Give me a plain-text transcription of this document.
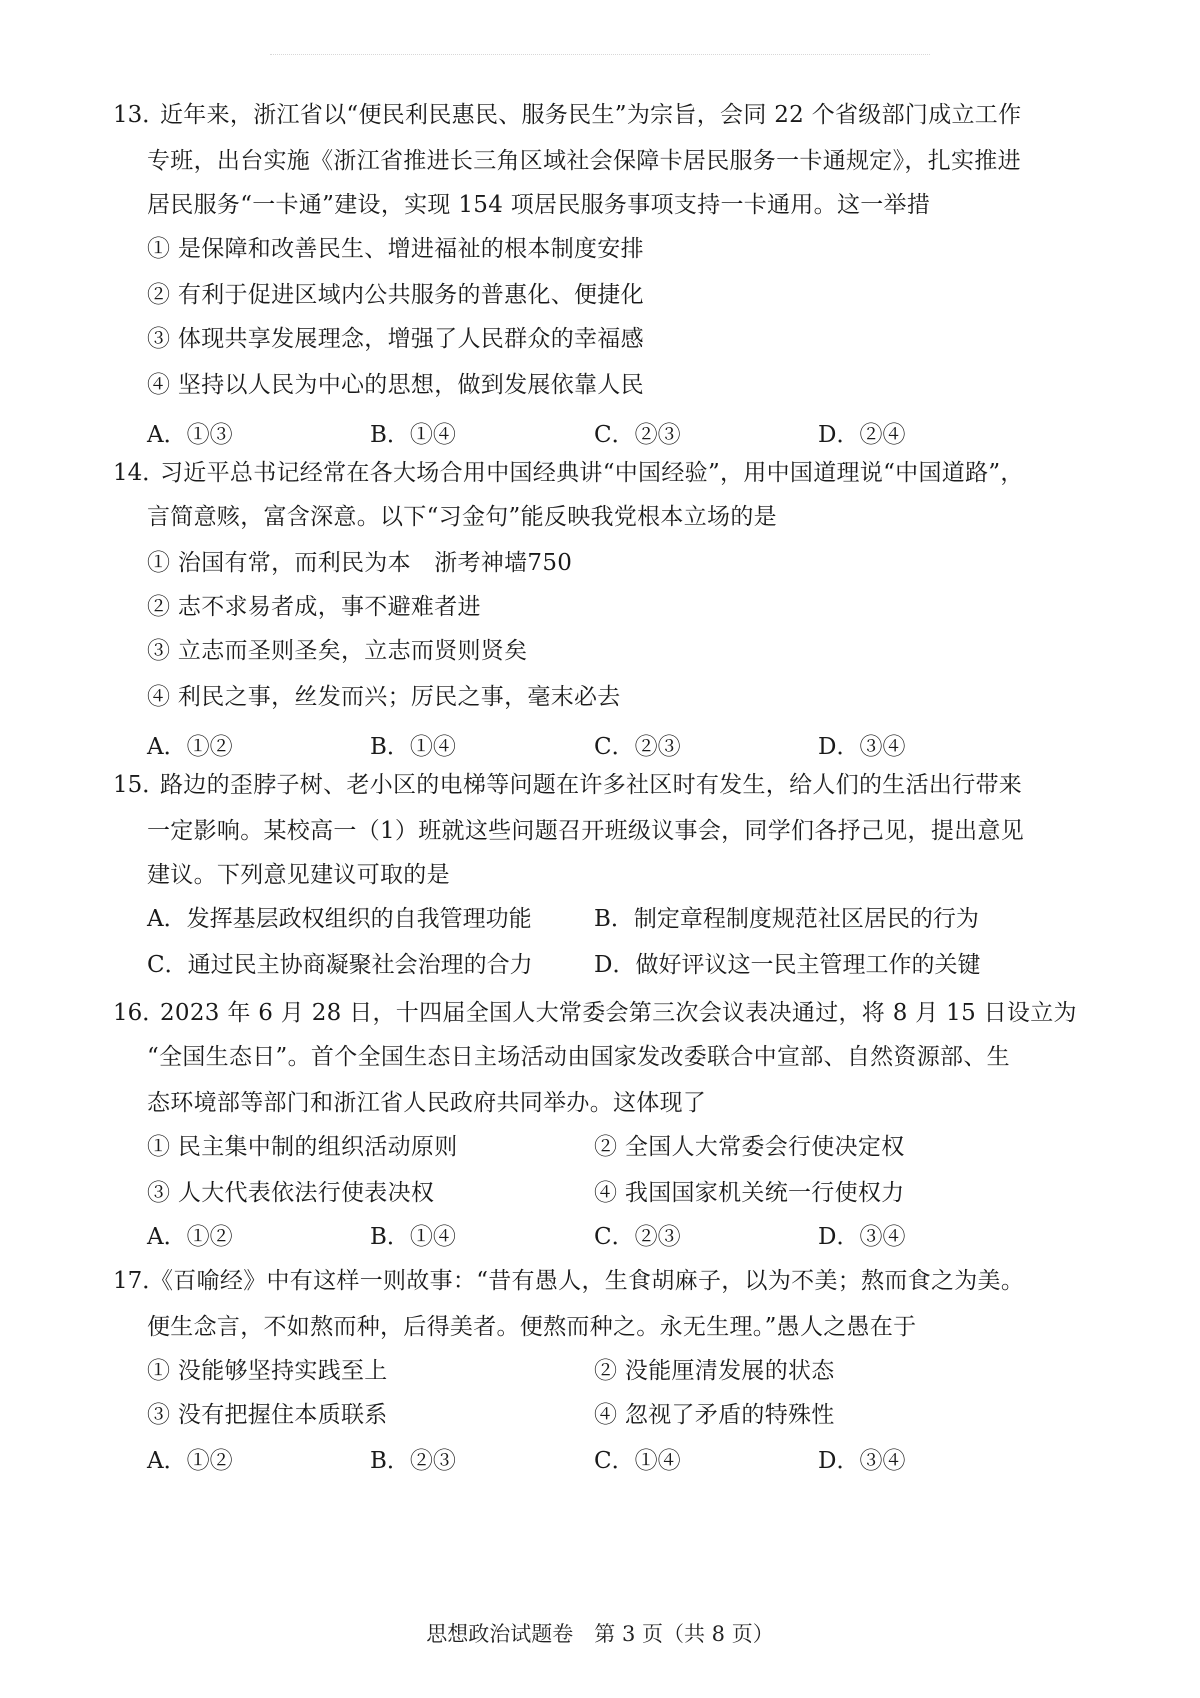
13．
近年来，浙江省以“便民利民惠民、服务民生”为宗旨，会同 22 个省级部门成立工作
专班，出台实施《浙江省推进长三角区域社会保障卡居民服务一卡通规定》，扎实推进
居民服务“一卡通”建设，实现 154 项居民服务事项支持一卡通用。这一举措
① 是保障和改善民生、增进福祉的根本制度安排
② 有利于促进区域内公共服务的普惠化、便捷化
③ 体现共享发展理念，增强了人民群众的幸福感
④ 坚持以人民为中心的思想，做到发展依靠人民
A．①③	B．①④	C．②③	D．②④
14．
习近平总书记经常在各大场合用中国经典讲“中国经验”，用中国道理说“中国道路”，
言简意赅，富含深意。以下“习金句”能反映我党根本立场的是
① 治国有常，而利民为本　浙考神墙750
② 志不求易者成，事不避难者进
③ 立志而圣则圣矣，立志而贤则贤矣
④ 利民之事，丝发而兴；厉民之事，毫末必去
A．①②	B．①④	C．②③	D．③④
15．
路边的歪脖子树、老小区的电梯等问题在许多社区时有发生，给人们的生活出行带来
一定影响。某校高一（1）班就这些问题召开班级议事会，同学们各抒己见，提出意见
建议。下列意见建议可取的是
A．发挥基层政权组织的自我管理功能	B．制定章程制度规范社区居民的行为
C．通过民主协商凝聚社会治理的合力	D．做好评议这一民主管理工作的关键
16．
2023 年 6 月 28 日，十四届全国人大常委会第三次会议表决通过，将 8 月 15 日设立为
“全国生态日”。首个全国生态日主场活动由国家发改委联合中宣部、自然资源部、生
态环境部等部门和浙江省人民政府共同举办。这体现了
① 民主集中制的组织活动原则	② 全国人大常委会行使决定权
③ 人大代表依法行使表决权	④ 我国国家机关统一行使权力
A．①②	B．①④	C．②③	D．③④
17．
《百喻经》中有这样一则故事：“昔有愚人，生食胡麻子，以为不美；熬而食之为美。
便生念言，不如熬而种，后得美者。便熬而种之。永无生理。”愚人之愚在于
① 没能够坚持实践至上	② 没能厘清发展的状态
③ 没有把握住本质联系	④ 忽视了矛盾的特殊性
A．①②	B．②③	C．①④	D．③④
思想政治试题卷　第 3 页（共 8 页）
